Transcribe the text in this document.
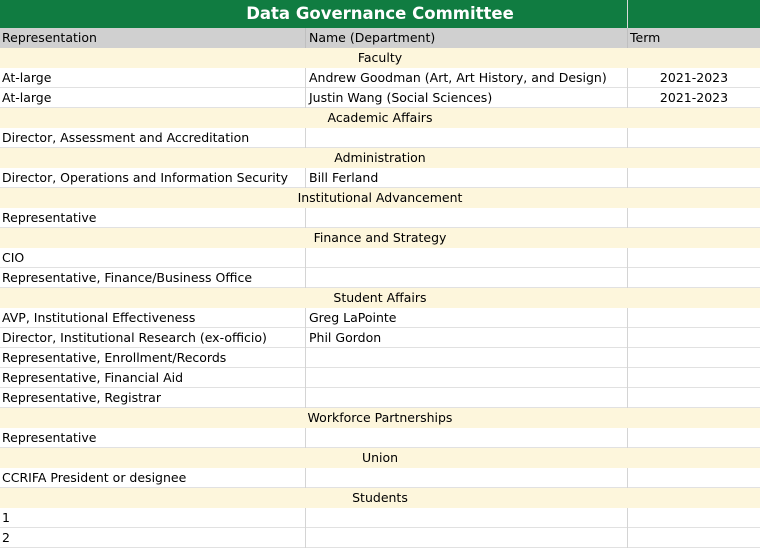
Data Governance Committee
Representation	Name (Department)	Term
Faculty
At-large	Andrew Goodman (Art, Art History, and Design)	2021-2023
At-large	Justin Wang (Social Sciences)	2021-2023
Academic Affairs
Director, Assessment and Accreditation
Administration
Director, Operations and Information Security	Bill Ferland
Institutional Advancement
Representative
Finance and Strategy
CIO
Representative, Finance/Business Office
Student Affairs
AVP, Institutional Effectiveness	Greg LaPointe
Director, Institutional Research (ex-officio)	Phil Gordon
Representative, Enrollment/Records
Representative, Financial Aid
Representative, Registrar
Workforce Partnerships
Representative
Union
CCRIFA President or designee
Students
1
2
